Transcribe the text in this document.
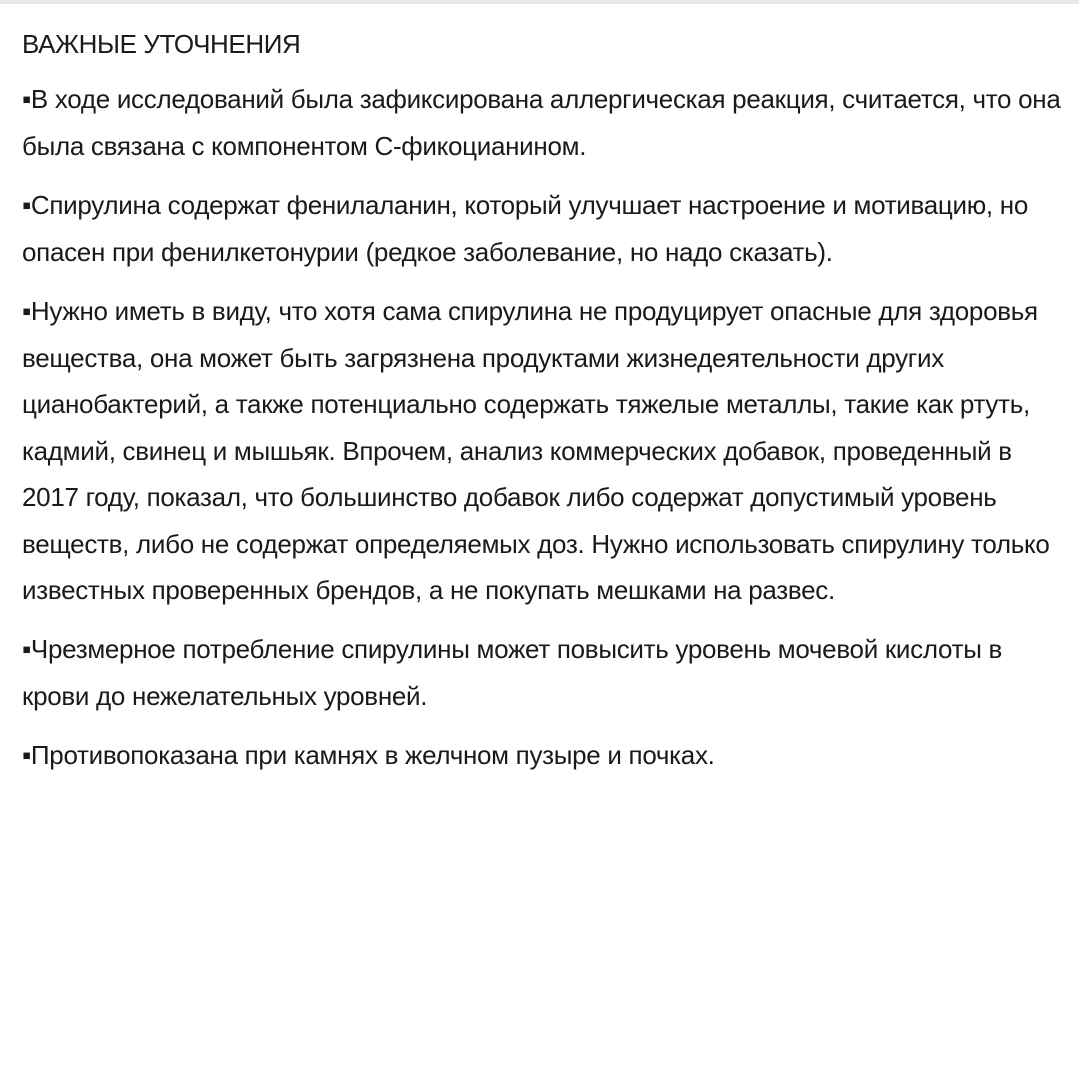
ВАЖНЫЕ УТОЧНЕНИЯ
▪В ходе исследований была зафиксирована аллергическая реакция, считается, что она была связана с компонентом С-фикоцианином.
▪Спирулина содержат фенилаланин, который улучшает настроение и мотивацию, но опасен при фенилкетонурии (редкое заболевание, но надо сказать).
▪Нужно иметь в виду, что хотя сама спирулина не продуцирует опасные для здоровья вещества, она может быть загрязнена продуктами жизнедеятельности других цианобактерий, а также потенциально содержать тяжелые металлы, такие как ртуть, кадмий, свинец и мышьяк. Впрочем, анализ коммерческих добавок, проведенный в 2017 году, показал, что большинство добавок либо содержат допустимый уровень веществ, либо не содержат определяемых доз. Нужно использовать спирулину только известных проверенных брендов, а не покупать мешками на развес.
▪Чрезмерное потребление спирулины может повысить уровень мочевой кислоты в крови до нежелательных уровней.
▪Противопоказана при камнях в желчном пузыре и почках.
